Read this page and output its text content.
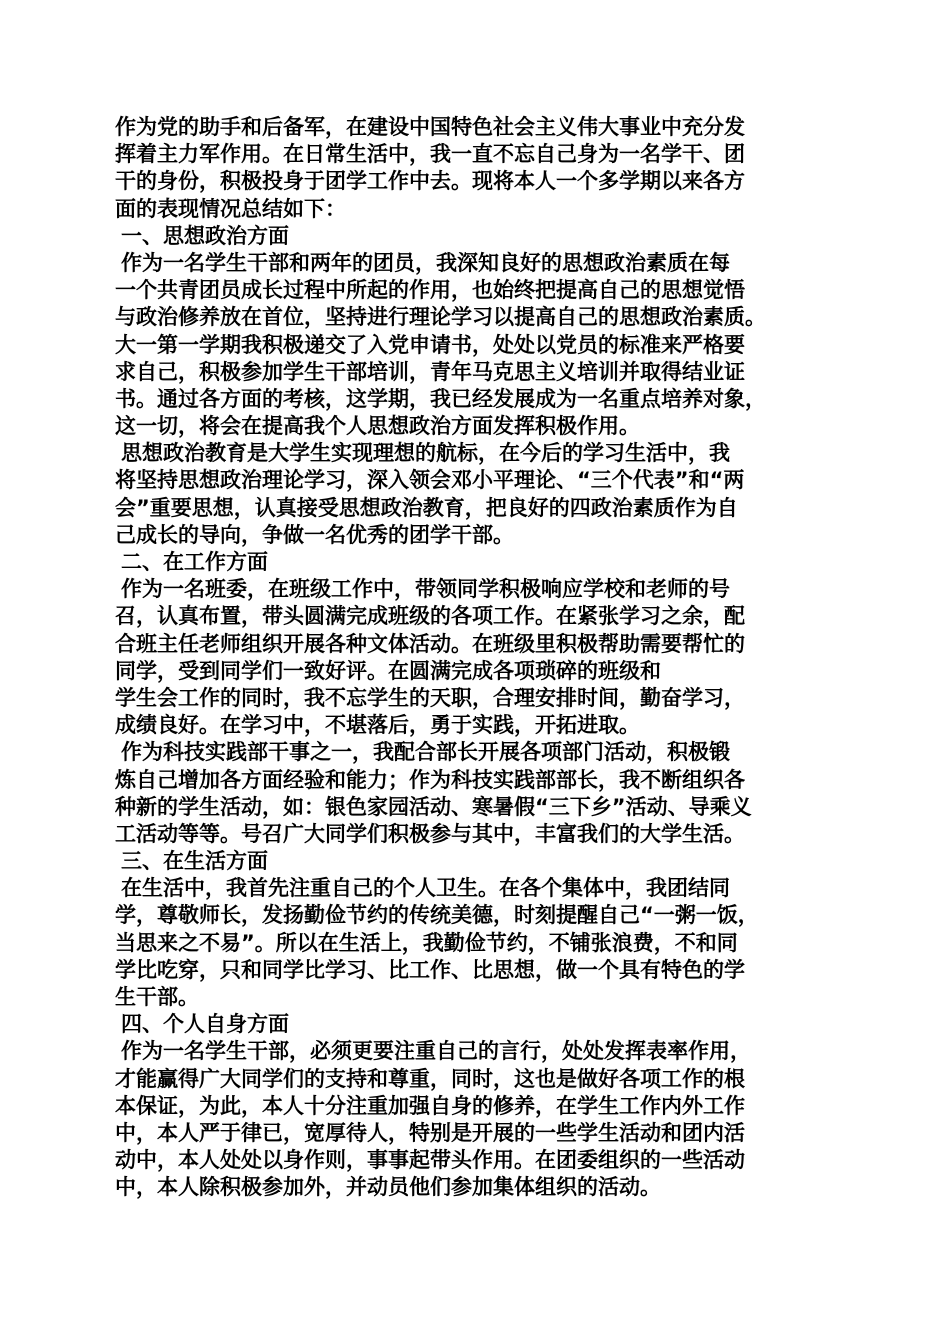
作为党的助手和后备军，在建设中国特色社会主义伟大事业中充分发
挥着主力军作用。在日常生活中，我一直不忘自己身为一名学干、团
干的身份，积极投身于团学工作中去。现将本人一个多学期以来各方
面的表现情况总结如下：
一、思想政治方面
作为一名学生干部和两年的团员，我深知良好的思想政治素质在每
一个共青团员成长过程中所起的作用，也始终把提高自己的思想觉悟
与政治修养放在首位，坚持进行理论学习以提高自己的思想政治素质。
大一第一学期我积极递交了入党申请书，处处以党员的标准来严格要
求自己，积极参加学生干部培训，青年马克思主义培训并取得结业证
书。通过各方面的考核，这学期，我已经发展成为一名重点培养对象，
这一切，将会在提高我个人思想政治方面发挥积极作用。
思想政治教育是大学生实现理想的航标，在今后的学习生活中，我
将坚持思想政治理论学习，深入领会邓小平理论、“三个代表”和“两
会”重要思想，认真接受思想政治教育，把良好的四政治素质作为自
己成长的导向，争做一名优秀的团学干部。
二、在工作方面
作为一名班委，在班级工作中，带领同学积极响应学校和老师的号
召，认真布置，带头圆满完成班级的各项工作。在紧张学习之余，配
合班主任老师组织开展各种文体活动。在班级里积极帮助需要帮忙的
同学，受到同学们一致好评。在圆满完成各项琐碎的班级和
学生会工作的同时，我不忘学生的天职，合理安排时间，勤奋学习，
成绩良好。在学习中，不堪落后，勇于实践，开拓进取。
作为科技实践部干事之一，我配合部长开展各项部门活动，积极锻
炼自己增加各方面经验和能力；作为科技实践部部长，我不断组织各
种新的学生活动，如：银色家园活动、寒暑假“三下乡”活动、导乘义
工活动等等。号召广大同学们积极参与其中，丰富我们的大学生活。
三、在生活方面
在生活中，我首先注重自己的个人卫生。在各个集体中，我团结同
学，尊敬师长，发扬勤俭节约的传统美德，时刻提醒自己“一粥一饭，
当思来之不易”。所以在生活上，我勤俭节约，不铺张浪费，不和同
学比吃穿，只和同学比学习、比工作、比思想，做一个具有特色的学
生干部。
四、个人自身方面
作为一名学生干部，必须更要注重自己的言行，处处发挥表率作用，
才能赢得广大同学们的支持和尊重，同时，这也是做好各项工作的根
本保证，为此，本人十分注重加强自身的修养，在学生工作内外工作
中，本人严于律已，宽厚待人，特别是开展的一些学生活动和团内活
动中，本人处处以身作则，事事起带头作用。在团委组织的一些活动
中，本人除积极参加外，并动员他们参加集体组织的活动。
